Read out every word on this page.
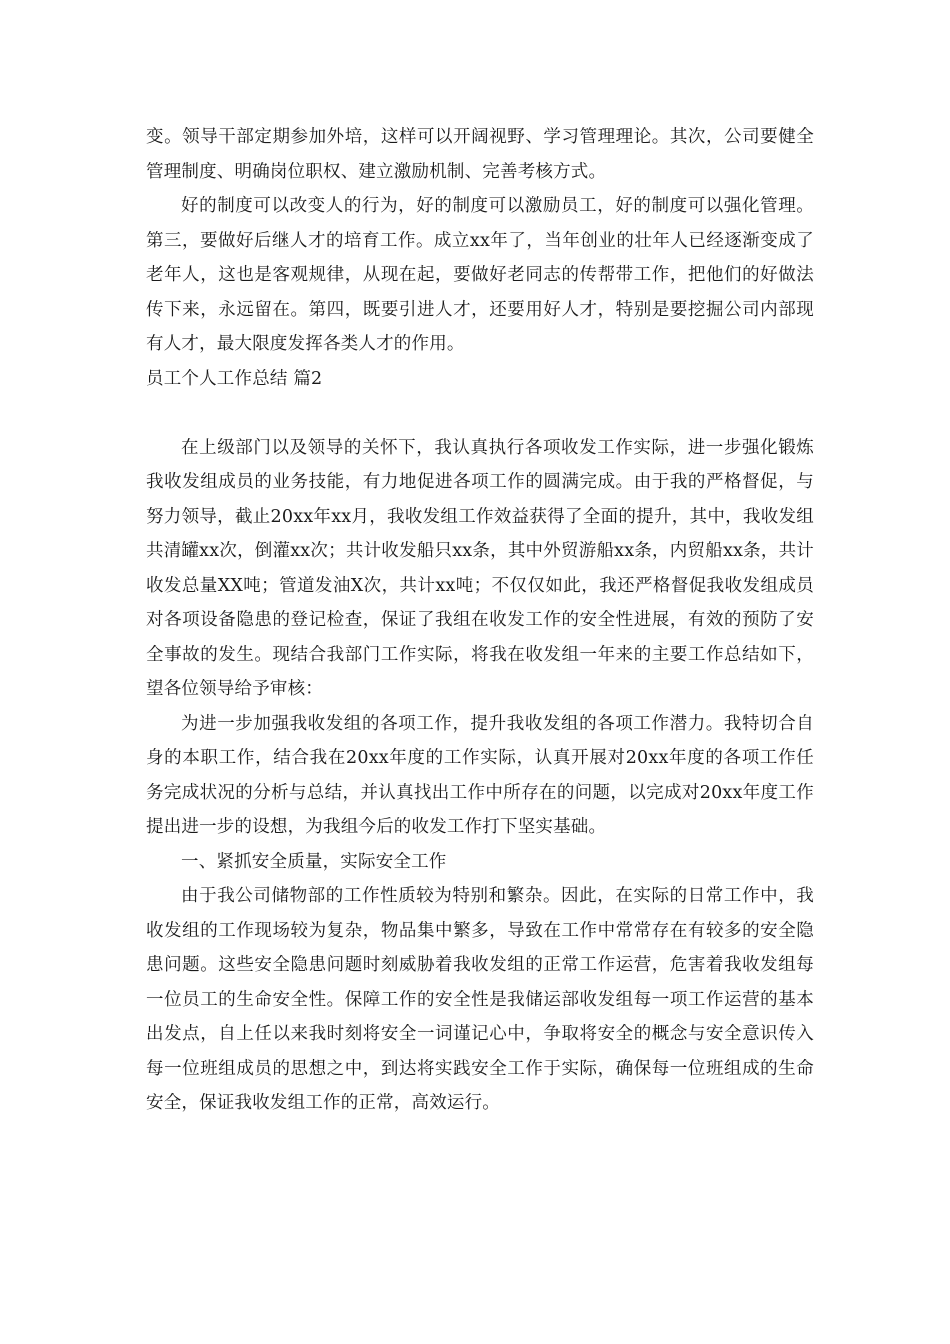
变。领导干部定期参加外培，这样可以开阔视野、学习管理理论。其次，公司要健全管理制度、明确岗位职权、建立激励机制、完善考核方式。

好的制度可以改变人的行为，好的制度可以激励员工，好的制度可以强化管理。第三，要做好后继人才的培育工作。成立xx年了，当年创业的壮年人已经逐渐变成了老年人，这也是客观规律，从现在起，要做好老同志的传帮带工作，把他们的好做法传下来，永远留在。第四，既要引进人才，还要用好人才，特别是要挖掘公司内部现有人才，最大限度发挥各类人才的作用。

员工个人工作总结 篇2

在上级部门以及领导的关怀下，我认真执行各项收发工作实际，进一步强化锻炼我收发组成员的业务技能，有力地促进各项工作的圆满完成。由于我的严格督促，与努力领导，截止20xx年xx月，我收发组工作效益获得了全面的提升，其中，我收发组共清罐xx次，倒灌xx次；共计收发船只xx条，其中外贸游船xx条，内贸船xx条，共计收发总量XX吨；管道发油X次，共计xx吨；不仅仅如此，我还严格督促我收发组成员对各项设备隐患的登记检查，保证了我组在收发工作的安全性进展，有效的预防了安全事故的发生。现结合我部门工作实际，将我在收发组一年来的主要工作总结如下，望各位领导给予审核：

为进一步加强我收发组的各项工作，提升我收发组的各项工作潜力。我特切合自身的本职工作，结合我在20xx年度的工作实际，认真开展对20xx年度的各项工作任务完成状况的分析与总结，并认真找出工作中所存在的问题，以完成对20xx年度工作提出进一步的设想，为我组今后的收发工作打下坚实基础。

一、紧抓安全质量，实际安全工作

由于我公司储物部的工作性质较为特别和繁杂。因此，在实际的日常工作中，我收发组的工作现场较为复杂，物品集中繁多，导致在工作中常常存在有较多的安全隐患问题。这些安全隐患问题时刻威胁着我收发组的正常工作运营，危害着我收发组每一位员工的生命安全性。保障工作的安全性是我储运部收发组每一项工作运营的基本出发点，自上任以来我时刻将安全一词谨记心中，争取将安全的概念与安全意识传入每一位班组成员的思想之中，到达将实践安全工作于实际，确保每一位班组成的生命安全，保证我收发组工作的正常，高效运行。
